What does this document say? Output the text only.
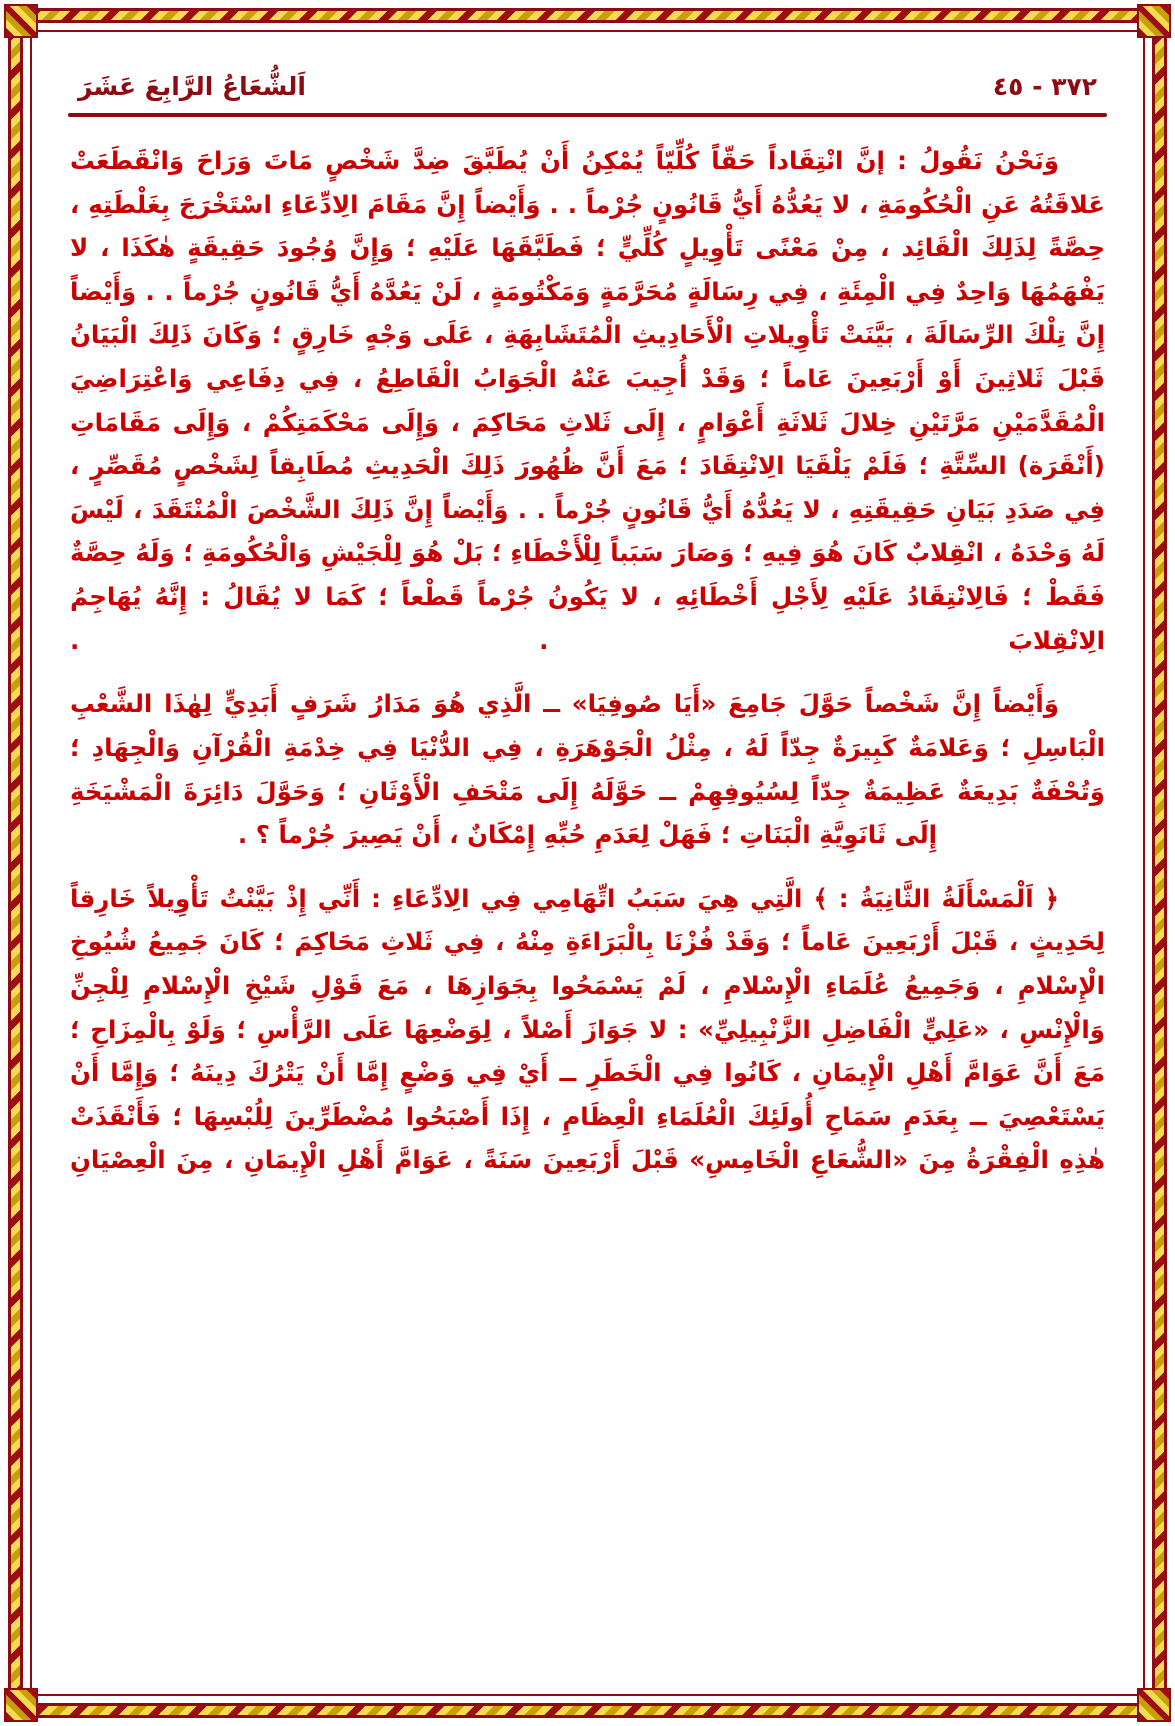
اَلشُّعَاعُ الرَّابِعَ عَشَرَ	٣٧٢ - ٤٥

وَنَحْنُ نَقُولُ : إنَّ انْتِقَاداً حَقّاً كُلِّيّاً يُمْكِنُ أَنْ يُطَبَّقَ ضِدَّ شَخْصٍ مَاتَ وَرَاحَ وَانْقَطَعَتْ عَلاقَتُهُ عَنِ الْحُكُومَةِ ، لا يَعُدُّهُ أَيُّ قَانُونٍ جُرْماً . . وَأَيْضاً إِنَّ مَقَامَ الِادِّعَاءِ اسْتَخْرَجَ بِغَلْطَتِهِ ، حِصَّةً لِذَلِكَ الْقَائِد ، مِنْ مَعْنًى تَأْوِيلٍ كُلِّيٍّ ؛ فَطَبَّقَهَا عَلَيْهِ ؛ وَإِنَّ وُجُودَ حَقِيقَةٍ هٰكَذَا ، لا يَفْهَمُهَا وَاحِدٌ فِي الْمِئَةِ ، فِي رِسَالَةٍ مُحَرَّمَةٍ وَمَكْتُومَةٍ ، لَنْ يَعُدَّهُ أَيُّ قَانُونٍ جُرْماً . . وَأَيْضاً إِنَّ تِلْكَ الرِّسَالَةَ ، بَيَّنَتْ تَأْوِيلاتِ الْأَحَادِيثِ الْمُتَشَابِهَةِ ، عَلَى وَجْهٍ خَارِقٍ ؛ وَكَانَ ذَلِكَ الْبَيَانُ قَبْلَ ثَلاثِينَ أَوْ أَرْبَعِينَ عَاماً ؛ وَقَدْ أُجِيبَ عَنْهُ الْجَوَابُ الْقَاطِعُ ، فِي دِفَاعِي وَاعْتِرَاضِيَ الْمُقَدَّمَيْنِ مَرَّتَيْنِ خِلالَ ثَلاثَةِ أَعْوَامٍ ، إِلَى ثَلاثِ مَحَاكِمَ ، وَإِلَى مَحْكَمَتِكُمْ ، وَإِلَى مَقَامَاتِ (أَنْقَرَة) السِّتَّةِ ؛ فَلَمْ يَلْقَيَا الِانْتِقَادَ ؛ مَعَ أَنَّ ظُهُورَ ذَلِكَ الْحَدِيثِ مُطَابِقاً لِشَخْصٍ مُقَصِّرٍ ، فِي صَدَدِ بَيَانِ حَقِيقَتِهِ ، لا يَعُدُّهُ أَيُّ قَانُونٍ جُرْماً . . وَأَيْضاً إِنَّ ذَلِكَ الشَّخْصَ الْمُنْتَقَدَ ، لَيْسَ لَهُ وَحْدَهُ ، انْقِلابٌ كَانَ هُوَ فِيهِ ؛ وَصَارَ سَبَباً لِلْأَخْطَاءِ ؛ بَلْ هُوَ لِلْجَيْشِ وَالْحُكُومَةِ ؛ وَلَهُ حِصَّةٌ فَقَطْ ؛ فَالِانْتِقَادُ عَلَيْهِ لِأَجْلِ أَخْطَائِهِ ، لا يَكُونُ جُرْماً قَطْعاً ؛ كَمَا لا يُقَالُ : إِنَّهُ يُهَاجِمُ الِانْقِلابَ . .

وَأَيْضاً إِنَّ شَخْصاً حَوَّلَ جَامِعَ «أَيَا صُوفِيَا» ــ الَّذِي هُوَ مَدَارُ شَرَفٍ أَبَدِيٍّ لِهٰذَا الشَّعْبِ الْبَاسِلِ ؛ وَعَلامَةٌ كَبِيرَةٌ جِدّاً لَهُ ، مِثْلُ الْجَوْهَرَةِ ، فِي الدُّنْيَا فِي خِدْمَةِ الْقُرْآنِ وَالْجِهَادِ ؛ وَتُحْفَةٌ بَدِيعَةٌ عَظِيمَةٌ جِدّاً لِسُيُوفِهِمْ ــ حَوَّلَهُ إِلَى مَتْحَفِ الْأَوْثَانِ ؛ وَحَوَّلَ دَائِرَةَ الْمَشْيَخَةِ إِلَى ثَانَوِيَّةِ الْبَنَاتِ ؛ فَهَلْ لِعَدَمِ حُبِّهِ إِمْكَانٌ ، أَنْ يَصِيرَ جُرْماً ؟ .

﴿ اَلْمَسْأَلَةُ الثَّانِيَةُ : ﴾ الَّتِي هِيَ سَبَبُ اتِّهَامِي فِي الِادِّعَاءِ : أَنِّي إِذْ بَيَّنْتُ تَأْوِيلاً خَارِقاً لِحَدِيثٍ ، قَبْلَ أَرْبَعِينَ عَاماً ؛ وَقَدْ فُزْنَا بِالْبَرَاءَةِ مِنْهُ ، فِي ثَلاثِ مَحَاكِمَ ؛ كَانَ جَمِيعُ شُيُوخِ الْإِسْلامِ ، وَجَمِيعُ عُلَمَاءِ الْإِسْلامِ ، لَمْ يَسْمَحُوا بِجَوَازِهَا ، مَعَ قَوْلِ شَيْخِ الْإِسْلامِ لِلْجِنِّ وَالْإِنْسِ ، «عَلِيٍّ الْفَاضِلِ الزَّنْبِيلِيِّ» : لا جَوَازَ أَصْلاً ، لِوَضْعِهَا عَلَى الرَّأْسِ ؛ وَلَوْ بِالْمِزَاحِ ؛ مَعَ أَنَّ عَوَامَّ أَهْلِ الْإِيمَانِ ، كَانُوا فِي الْخَطَرِ ــ أَيْ فِي وَضْعٍ إِمَّا أَنْ يَتْرُكَ دِينَهُ ؛ وَإِمَّا أَنْ يَسْتَعْصِيَ ــ بِعَدَمِ سَمَاحِ أُولَئِكَ الْعُلَمَاءِ الْعِظَامِ ، إِذَا أَصْبَحُوا مُضْطَرِّينَ لِلُبْسِهَا ؛ فَأَنْقَذَتْ هٰذِهِ الْفِقْرَةُ مِنَ «الشُّعَاعِ الْخَامِسِ» قَبْلَ أَرْبَعِينَ سَنَةً ، عَوَامَّ أَهْلِ الْإِيمَانِ ، مِنَ الْعِصْيَانِ
